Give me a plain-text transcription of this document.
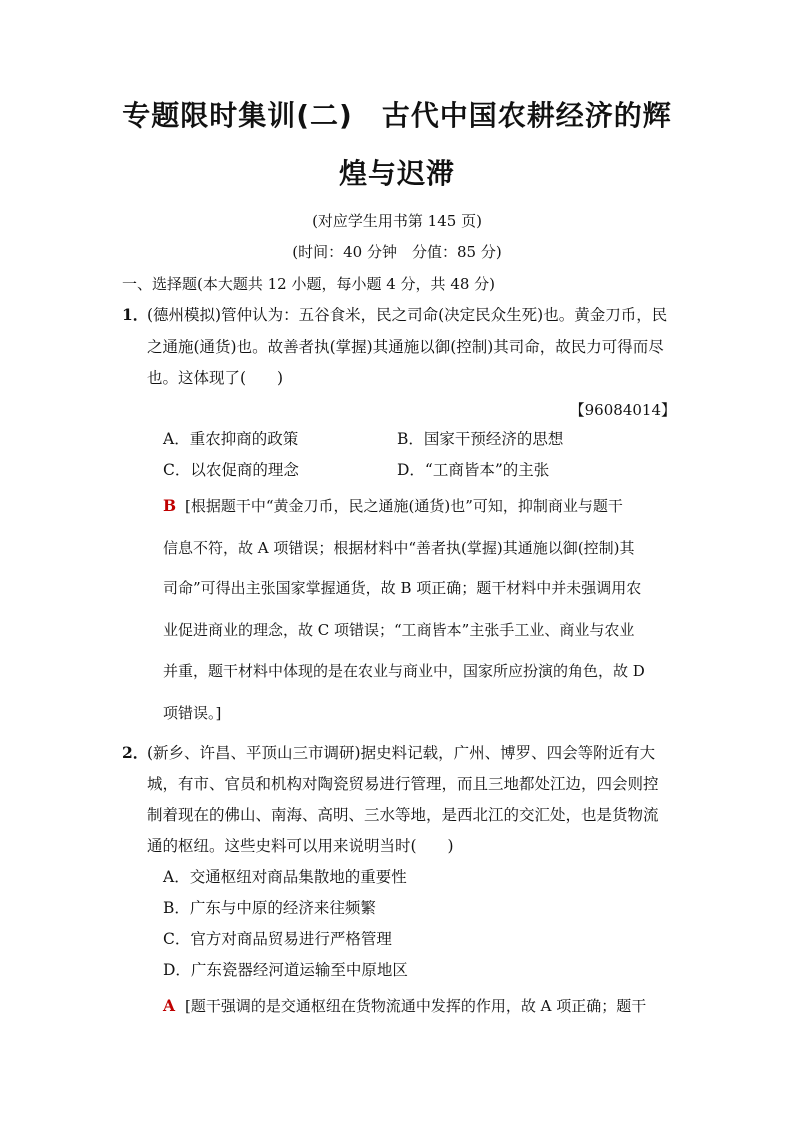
专题限时集训(二)　古代中国农耕经济的辉
煌与迟滞
(对应学生用书第 145 页)
(时间：40 分钟　分值：85 分)
一、选择题(本大题共 12 小题，每小题 4 分，共 48 分)
1．
(德州模拟)管仲认为：五谷食米，民之司命(决定民众生死)也。黄金刀币，民
之通施(通货)也。故善者执(掌握)其通施以御(控制)其司命，故民力可得而尽
也。这体现了(　　)
【96084014】
A．重农抑商的政策	B．国家干预经济的思想
C．以农促商的理念	D．“工商皆本”的主张
B [根据题干中“黄金刀币，民之通施(通货)也”可知，抑制商业与题干
信息不符，故 A 项错误；根据材料中“善者执(掌握)其通施以御(控制)其
司命”可得出主张国家掌握通货，故 B 项正确；题干材料中并未强调用农
业促进商业的理念，故 C 项错误；“工商皆本”主张手工业、商业与农业
并重，题干材料中体现的是在农业与商业中，国家所应扮演的角色，故 D
项错误。]
2．
(新乡、许昌、平顶山三市调研)据史料记载，广州、博罗、四会等附近有大
城，有市、官员和机构对陶瓷贸易进行管理，而且三地都处江边，四会则控
制着现在的佛山、南海、高明、三水等地，是西北江的交汇处，也是货物流
通的枢纽。这些史料可以用来说明当时(　　)
A．交通枢纽对商品集散地的重要性
B．广东与中原的经济来往频繁
C．官方对商品贸易进行严格管理
D．广东瓷器经河道运输至中原地区
A [题干强调的是交通枢纽在货物流通中发挥的作用，故 A 项正确；题干
